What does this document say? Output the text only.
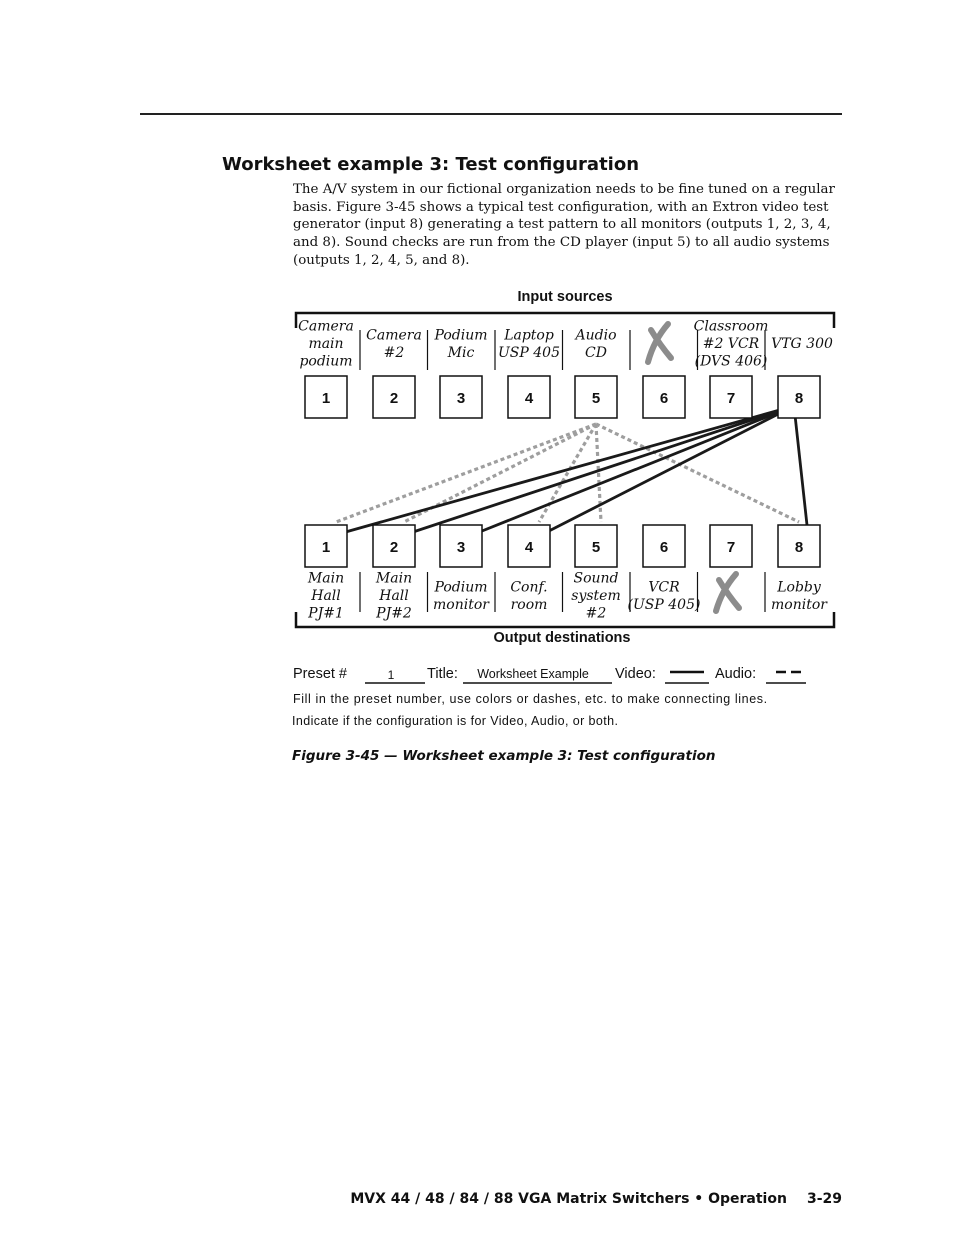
Worksheet example 3: Test configuration

The A/V system in our fictional organization needs to be fine tuned on a regular basis. Figure 3-45 shows a typical test configuration, with an Extron video test generator (input 8) generating a test pattern to all monitors (outputs 1, 2, 3, 4, and 8). Sound checks are run from the CD player (input 5) to all audio systems (outputs 1, 2, 4, 5, and 8).

Input sources
Camera
main
podium
Camera
#2
Podium
Mic
Laptop
USP 405
Audio
CD
Classroom
#2 VCR
(DVS 406)
VTG 300
Main
Hall
PJ#1
Main
Hall
PJ#2
Podium
monitor
Conf.
room
Sound
system
#2
VCR
(USP 405)
Lobby
monitor
1	2	3	4	5	6	7	8
1	2	3	4	5	6	7	8
Output destinations
Preset #	1 Title: Worksheet Example Video:	Audio:
Fill in the preset number, use colors or dashes, etc. to make connecting lines.
Indicate if the configuration is for Video, Audio, or both.
Figure 3-45 — Worksheet example 3: Test configuration
MVX 44 / 48 / 84 / 88 VGA Matrix Switchers • Operation 3-29
